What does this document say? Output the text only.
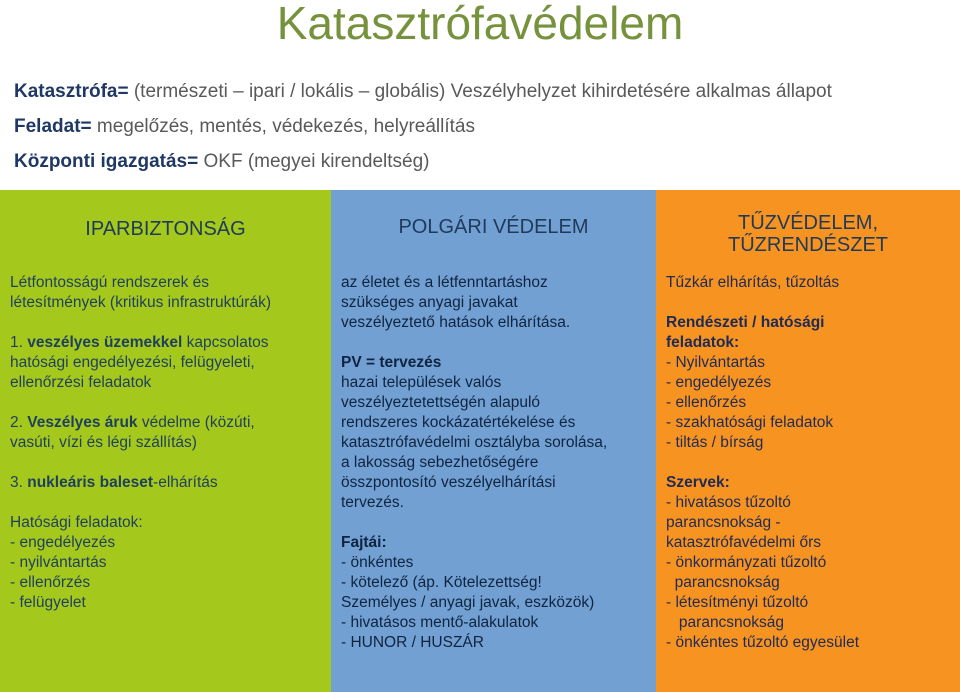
Katasztrófavédelem
Katasztrófa= (természeti – ipari / lokális – globális) Veszélyhelyzet kihirdetésére alkalmas állapot
Feladat= megelőzés, mentés, védekezés, helyreállítás
Központi igazgatás= OKF (megyei kirendeltség)
IPARBIZTONSÁG
Létfontosságú rendszerek és
létesítmények (kritikus infrastruktúrák)
1. veszélyes üzemekkel kapcsolatos
hatósági engedélyezési, felügyeleti,
ellenőrzési feladatok
2. Veszélyes áruk védelme (közúti,
vasúti, vízi és légi szállítás)
3. nukleáris baleset-elhárítás
Hatósági feladatok:
- engedélyezés
- nyilvántartás
- ellenőrzés
- felügyelet
POLGÁRI VÉDELEM
az életet és a létfenntartáshoz
szükséges anyagi javakat
veszélyeztető hatások elhárítása.
PV = tervezés
hazai települések valós
veszélyeztetettségén alapuló
rendszeres kockázatértékelése és
katasztrófavédelmi osztályba sorolása,
a lakosság sebezhetőségére
összpontosító veszélyelhárítási
tervezés.
Fajtái:
- önkéntes
- kötelező (áp. Kötelezettség!
Személyes / anyagi javak, eszközök)
- hivatásos mentő-alakulatok
- HUNOR / HUSZÁR
TŰZVÉDELEM,
TŰZRENDÉSZET
Tűzkár elhárítás, tűzoltás
Rendészeti / hatósági
feladatok:
- Nyilvántartás
- engedélyezés
- ellenőrzés
- szakhatósági feladatok
- tiltás / bírság
Szervek:
- hivatásos tűzoltó
parancsnokság -
katasztrófavédelmi őrs
- önkormányzati tűzoltó
parancsnokság
- létesítményi tűzoltó
parancsnokság
- önkéntes tűzoltó egyesület
